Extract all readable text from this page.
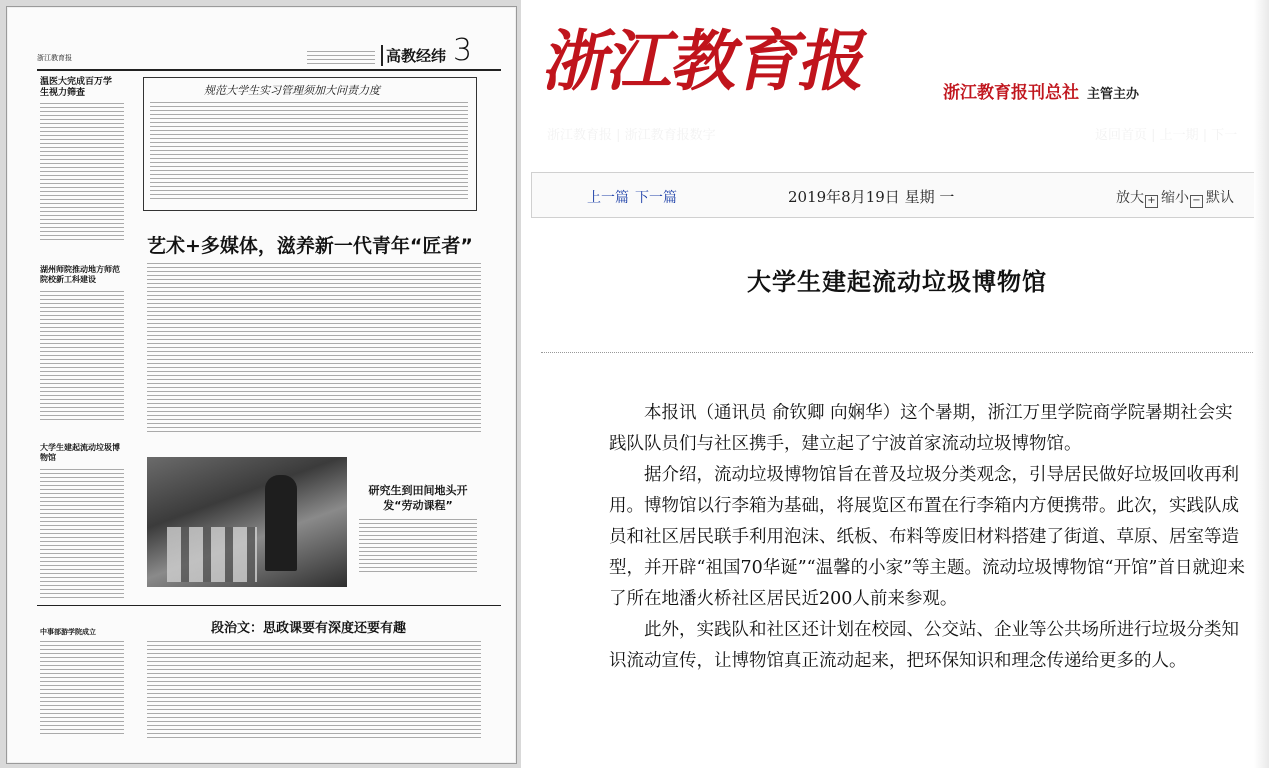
浙江教育报	高教经纬 3
温医大完成百万学生视力筛查	规范大学生实习管理须加大问责力度
艺术+多媒体，滋养新一代青年“匠者”
湖州师院推动地方师范院校新工科建设
大学生建起流动垃圾博物馆
研究生到田间地头开发“劳动课程”
中事部游学院成立	段治文：思政课要有深度还要有趣
浙江教育报	浙江教育报刊总社 主管主办
浙江教育报 | 浙江教育报数字	返回首页 | 上一期 | 下一
上一篇 下一篇	2019年8月19日 星期 一	放大 + 缩小 − 默认
大学生建起流动垃圾博物馆

本报讯（通讯员 俞钦卿 向娴华）这个暑期，浙江万里学院商学院暑期社会实践队队员们与社区携手，建立起了宁波首家流动垃圾博物馆。

据介绍，流动垃圾博物馆旨在普及垃圾分类观念，引导居民做好垃圾回收再利用。博物馆以行李箱为基础，将展览区布置在行李箱内方便携带。此次，实践队成员和社区居民联手利用泡沫、纸板、布料等废旧材料搭建了街道、草原、居室等造型，并开辟“祖国70华诞”“温馨的小家”等主题。流动垃圾博物馆“开馆”首日就迎来了所在地潘火桥社区居民近200人前来参观。

此外，实践队和社区还计划在校园、公交站、企业等公共场所进行垃圾分类知识流动宣传，让博物馆真正流动起来，把环保知识和理念传递给更多的人。
